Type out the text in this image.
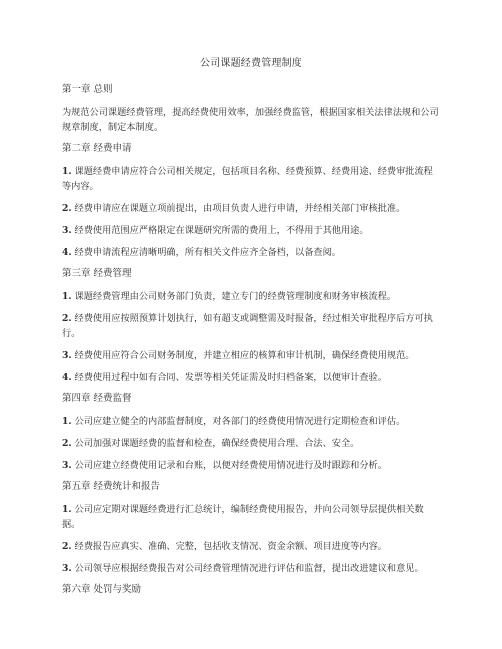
公司课题经费管理制度
第一章 总则
为规范公司课题经费管理，提高经费使用效率，加强经费监管，根据国家相关法律法规和公司规章制度，制定本制度。
第二章 经费申请
1. 课题经费申请应符合公司相关规定，包括项目名称、经费预算、经费用途、经费审批流程等内容。
2. 经费申请应在课题立项前提出，由项目负责人进行申请，并经相关部门审核批准。
3. 经费使用范围应严格限定在课题研究所需的费用上，不得用于其他用途。
4. 经费申请流程应清晰明确，所有相关文件应齐全备档，以备查阅。
第三章 经费管理
1. 课题经费管理由公司财务部门负责，建立专门的经费管理制度和财务审核流程。
2. 经费使用应按照预算计划执行，如有超支或调整需及时报备，经过相关审批程序后方可执行。
3. 经费使用应符合公司财务制度，并建立相应的核算和审计机制，确保经费使用规范。
4. 经费使用过程中如有合同、发票等相关凭证需及时归档备案，以便审计查验。
第四章 经费监督
1. 公司应建立健全的内部监督制度，对各部门的经费使用情况进行定期检查和评估。
2. 公司加强对课题经费的监督和检查，确保经费使用合理、合法、安全。
3. 公司应建立经费使用记录和台账，以便对经费使用情况进行及时跟踪和分析。
第五章 经费统计和报告
1. 公司应定期对课题经费进行汇总统计，编制经费使用报告，并向公司领导层提供相关数据。
2. 经费报告应真实、准确、完整，包括收支情况、资金余额、项目进度等内容。
3. 公司领导应根据经费报告对公司经费管理情况进行评估和监督，提出改进建议和意见。
第六章 处罚与奖励
